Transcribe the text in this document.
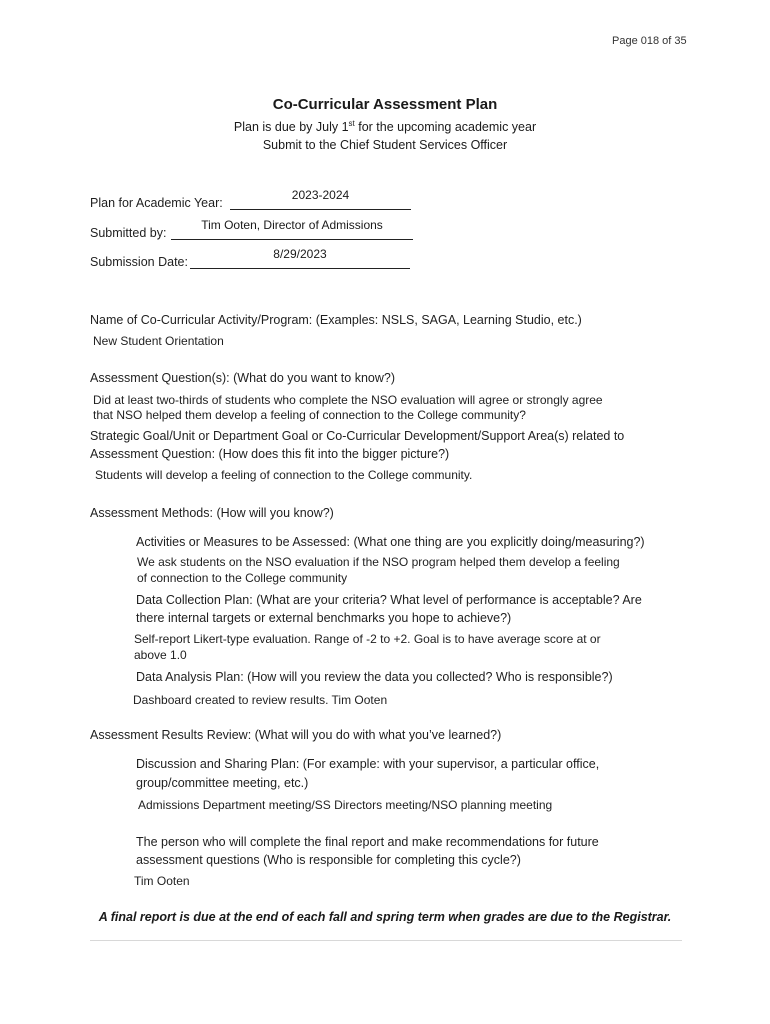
Page 018 of 35
Co-Curricular Assessment Plan
Plan is due by July 1st for the upcoming academic year
Submit to the Chief Student Services Officer
Plan for Academic Year:
2023-2024
Submitted by:
Tim Ooten, Director of Admissions
Submission Date:
8/29/2023
Name of Co-Curricular Activity/Program: (Examples: NSLS, SAGA, Learning Studio, etc.)
New Student Orientation
Assessment Question(s): (What do you want to know?)
Did at least two-thirds of students who complete the NSO evaluation will agree or strongly agree
that NSO helped them develop a feeling of connection to the College community?
Strategic Goal/Unit or Department Goal or Co-Curricular Development/Support Area(s) related to
Assessment Question: (How does this fit into the bigger picture?)
Students will develop a feeling of connection to the College community.
Assessment Methods: (How will you know?)
Activities or Measures to be Assessed: (What one thing are you explicitly doing/measuring?)
We ask students on the NSO evaluation if the NSO program helped them develop a feeling
of connection to the College community
Data Collection Plan: (What are your criteria? What level of performance is acceptable? Are
there internal targets or external benchmarks you hope to achieve?)
Self-report Likert-type evaluation. Range of -2 to +2. Goal is to have average score at or
above 1.0
Data Analysis Plan: (How will you review the data you collected? Who is responsible?)
Dashboard created to review results. Tim Ooten
Assessment Results Review: (What will you do with what you’ve learned?)
Discussion and Sharing Plan: (For example: with your supervisor, a particular office,
group/committee meeting, etc.)
Admissions Department meeting/SS Directors meeting/NSO planning meeting
The person who will complete the final report and make recommendations for future
assessment questions (Who is responsible for completing this cycle?)
Tim Ooten
A final report is due at the end of each fall and spring term when grades are due to the Registrar.
